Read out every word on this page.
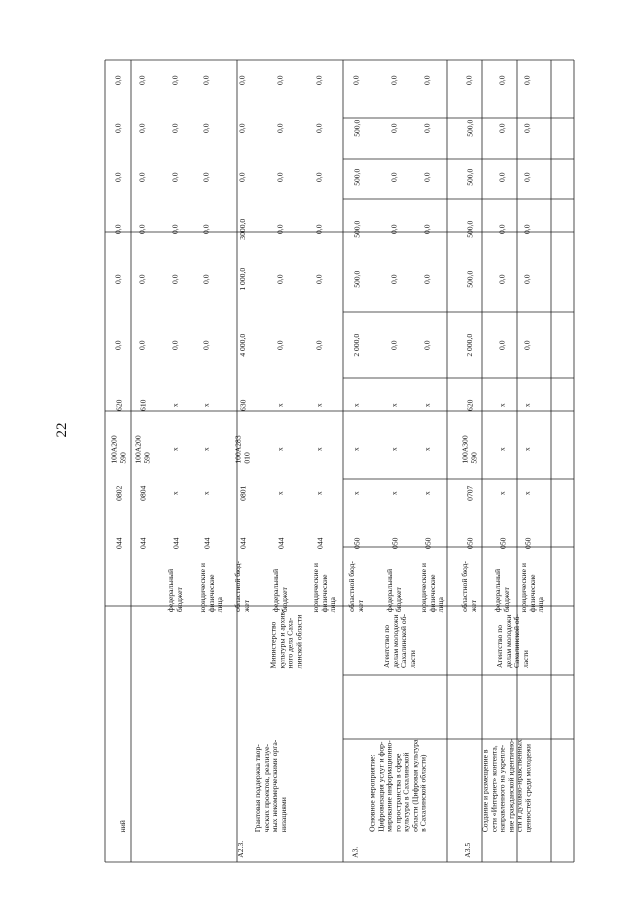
22
ний
044
0802
100А200
590
620
0,0
0,0
0,0
0,0
0,0
0,0
044
0804
100А200
590
610
0,0
0,0
0,0
0,0
0,0
0,0
федеральный
бюджет
044
х
х
х
0,0
0,0
0,0
0,0
0,0
0,0
юридические и
физические
лица
044
х
х
х
0,0
0,0
0,0
0,0
0,0
0,0
А2.3.
Грантовая поддержка твор-
ческих проектов, реализуе-
мых некоммерческими орга-
низациями
Министерство
культуры и архив-
ного дела Саха-
линской области
областной бюд-
жет
044
0801
100А283
010
630
4 000,0
1 000,0
3000,0
0,0
0,0
0,0
федеральный
бюджет
044
х
х
х
0,0
0,0
0,0
0,0
0,0
0,0
юридические и
физические
лица
044
х
х
х
0,0
0,0
0,0
0,0
0,0
0,0
А3.
Основное мероприятие:
Цифровизация услуг и фор-
мирование информационно-
го пространства в сфере
культуры в Сахалинской
области (Цифровая культура
в Сахалинской области)
Агентство по
делам молодежи
Сахалинской об-
ласти
областной бюд-
жет
050
х
х
х
2 000,0
500,0
500,0
500,0
500,0
0,0
федеральный
бюджет
050
х
х
х
0,0
0,0
0,0
0,0
0,0
0,0
юридические и
физические
лица
050
х
х
х
0,0
0,0
0,0
0,0
0,0
0,0
А3.5
Создание и размещение в
сети «Интернет» контента,
направленного на укрепле-
ние гражданской идентично-
сти и духовно-нравственных
ценностей среди молодежи
Агентство по
делам молодежи
Сахалинской об-
ласти
областной бюд-
жет
050
0707
100А300
590
620
2 000,0
500,0
500,0
500,0
500,0
0,0
федеральный
бюджет
050
х
х
х
0,0
0,0
0,0
0,0
0,0
0,0
юридические и
физические
лица
050
х
х
х
0,0
0,0
0,0
0,0
0,0
0,0
